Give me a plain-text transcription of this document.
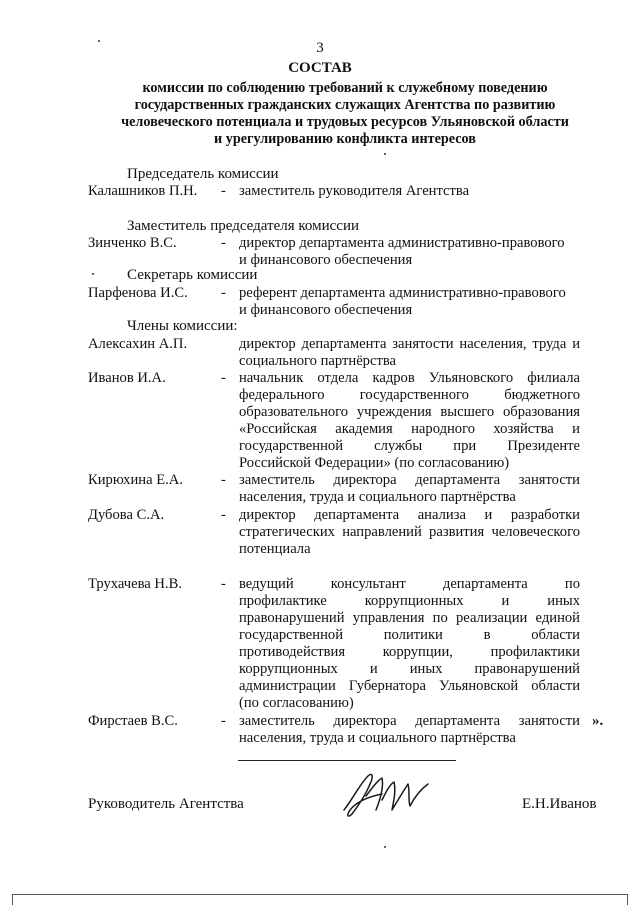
3
СОСТАВ
комиссии по соблюдению требований к служебному поведению
государственных гражданских служащих Агентства по развитию
человеческого потенциала и трудовых ресурсов Ульяновской области
и урегулированию конфликта интересов
Председатель комиссии
Калашников П.Н. - заместитель руководителя Агентства
Заместитель председателя комиссии
Зинченко В.С.	- директор департамента административно-правового
и финансового обеспечения
Секретарь комиссии
Парфенова И.С. - референт департамента административно-правового
и финансового обеспечения
Члены комиссии:
Алексахин А.П.	директор департамента занятости населения, труда и
социального партнёрства
Иванов И.А.	- начальник отдела кадров Ульяновского филиала
федерального государственного бюджетного
образовательного учреждения высшего образования
«Российская академия народного хозяйства и
государственной службы при Президенте
Российской Федерации» (по согласованию)
Кирюхина Е.А.	- заместитель директора департамента занятости
населения, труда и социального партнёрства
Дубова С.А.	- директор департамента анализа и разработки
стратегических направлений развития человеческого
потенциала
Трухачева Н.В.	- ведущий консультант департамента по
профилактике коррупционных и иных
правонарушений управления по реализации единой
государственной политики в области
противодействия коррупции, профилактики
коррупционных и иных правонарушений
администрации Губернатора Ульяновской области
(по согласованию)
Фирстаев В.С.	- заместитель директора департамента занятости
населения, труда и социального партнёрства
».
Руководитель Агентства	Е.Н.Иванов
